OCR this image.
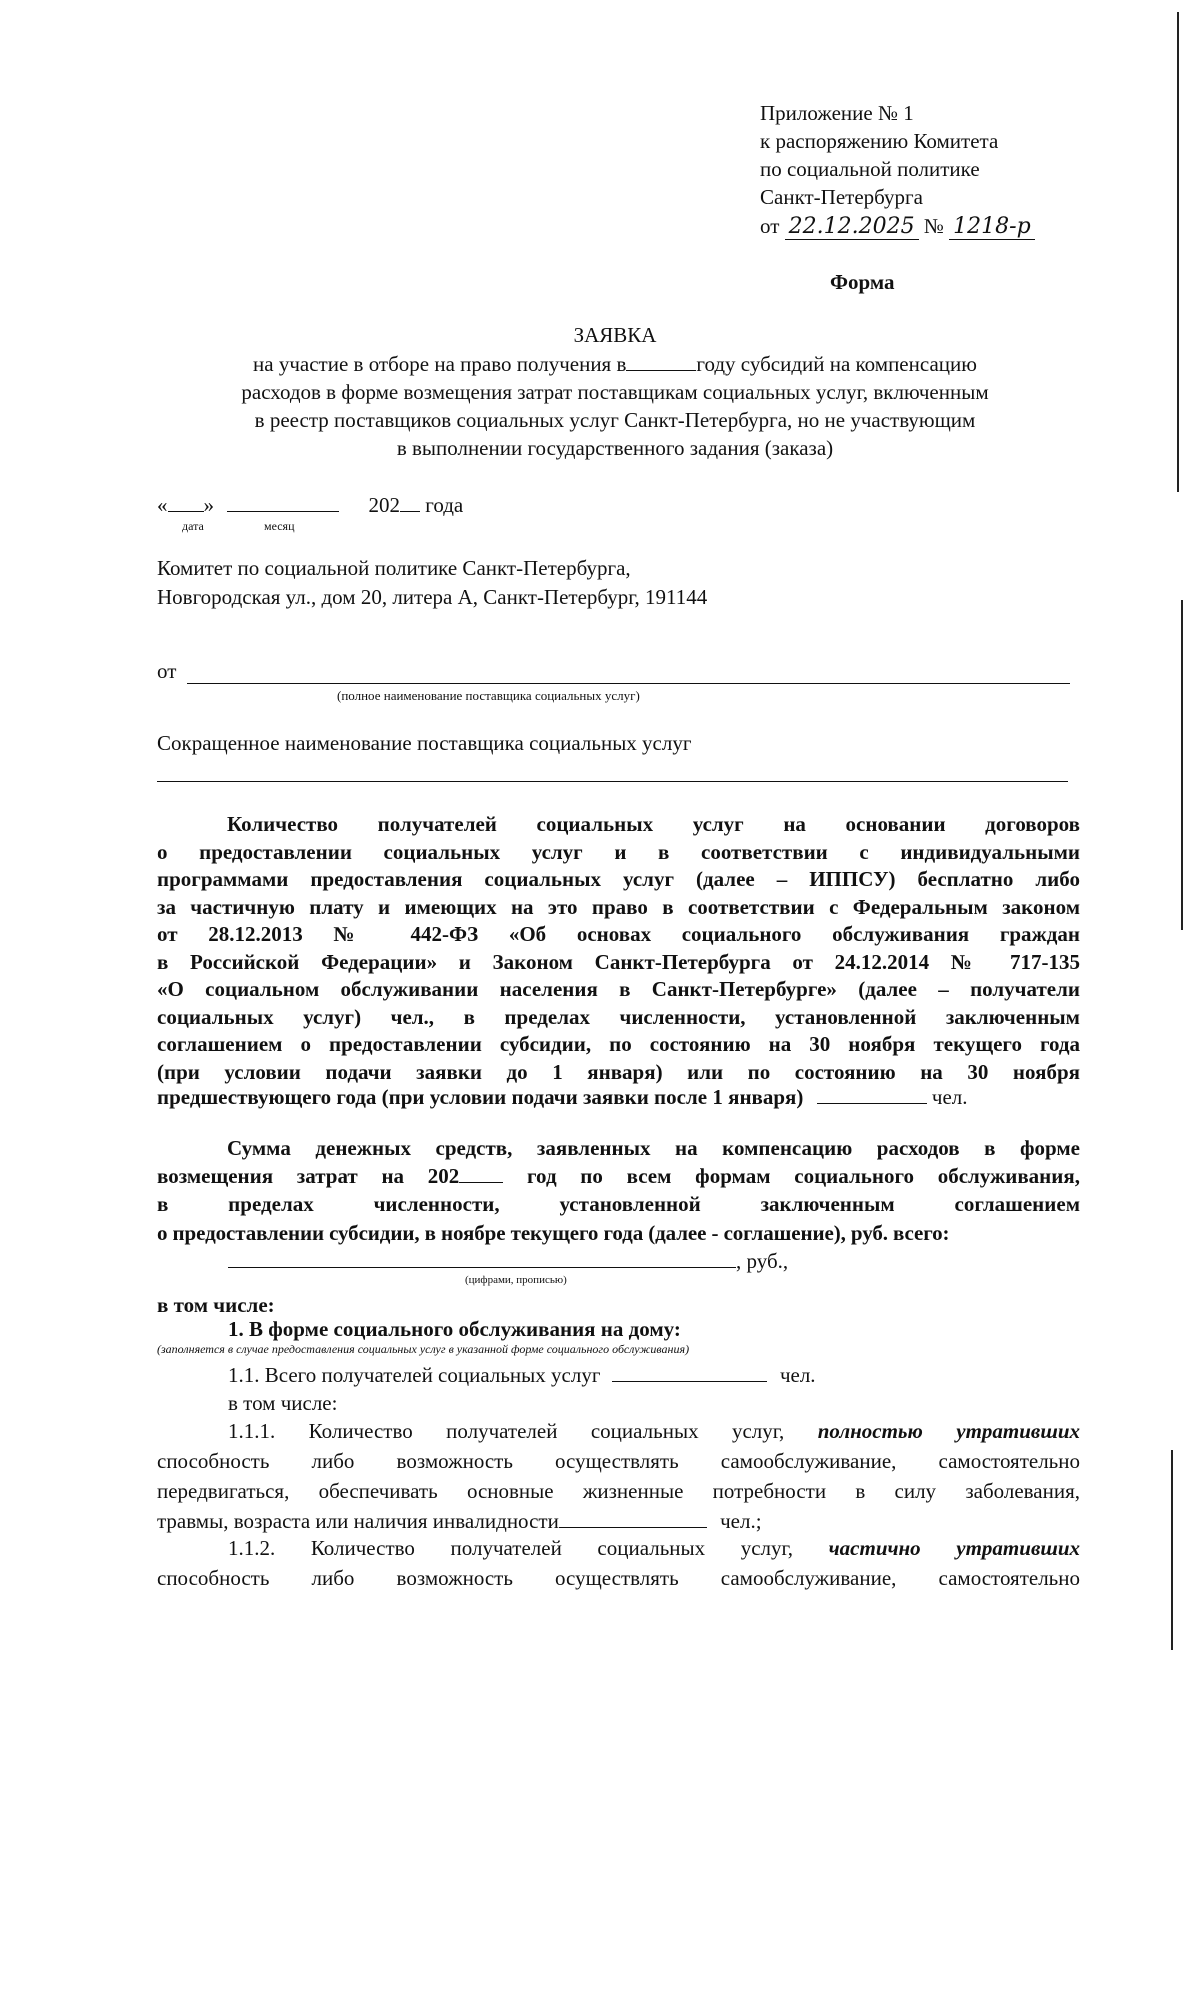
Приложение № 1
к распоряжению Комитета
по социальной политике
Санкт-Петербурга
от 22.12.2025 № 1218-р
Форма
ЗАЯВКА
на участие в отборе на право получения в	году субсидий на компенсацию
расходов в форме возмещения затрат поставщикам социальных услуг, включенным
в реестр поставщиков социальных услуг Санкт-Петербурга, но не участвующим
в выполнении государственного задания (заказа)
« »	202 года
дата	месяц
Комитет по социальной политике Санкт-Петербурга,
Новгородская ул., дом 20, литера А, Санкт-Петербург, 191144
от
(полное наименование поставщика социальных услуг)
Сокращенное наименование поставщика социальных услуг
Количество получателей социальных услуг на основании договоров
о предоставлении социальных услуг и в соответствии с индивидуальными
программами предоставления социальных услуг (далее – ИППСУ) бесплатно либо
за частичную плату и имеющих на это право в соответствии с Федеральным законом
от 28.12.2013 № 442-ФЗ «Об основах социального обслуживания граждан
в Российской Федерации» и Законом Санкт-Петербурга от 24.12.2014 № 717-135
«О социальном обслуживании населения в Санкт-Петербурге» (далее – получатели
социальных услуг) чел., в пределах численности, установленной заключенным
соглашением о предоставлении субсидии, по состоянию на 30 ноября текущего года
(при условии подачи заявки до 1 января) или по состоянию на 30 ноября
предшествующего года (при условии подачи заявки после 1 января)	чел.
Сумма денежных средств, заявленных на компенсацию расходов в форме
возмещения затрат на 202	год по всем формам социального обслуживания,
в пределах численности, установленной заключенным соглашением
о предоставлении субсидии, в ноябре текущего года (далее - соглашение), руб. всего:
, руб.,
(цифрами, прописью)
в том числе:
1. В форме социального обслуживания на дому:
(заполняется в случае предоставления социальных услуг в указанной форме социального обслуживания)
1.1. Всего получателей социальных услуг	чел.
в том числе:
1.1.1. Количество получателей социальных услуг, полностью утративших
способность либо возможность осуществлять самообслуживание, самостоятельно
передвигаться, обеспечивать основные жизненные потребности в силу заболевания,
травмы, возраста или наличия инвалидности	чел.;
1.1.2. Количество получателей социальных услуг, частично утративших
способность либо возможность осуществлять самообслуживание, самостоятельно
